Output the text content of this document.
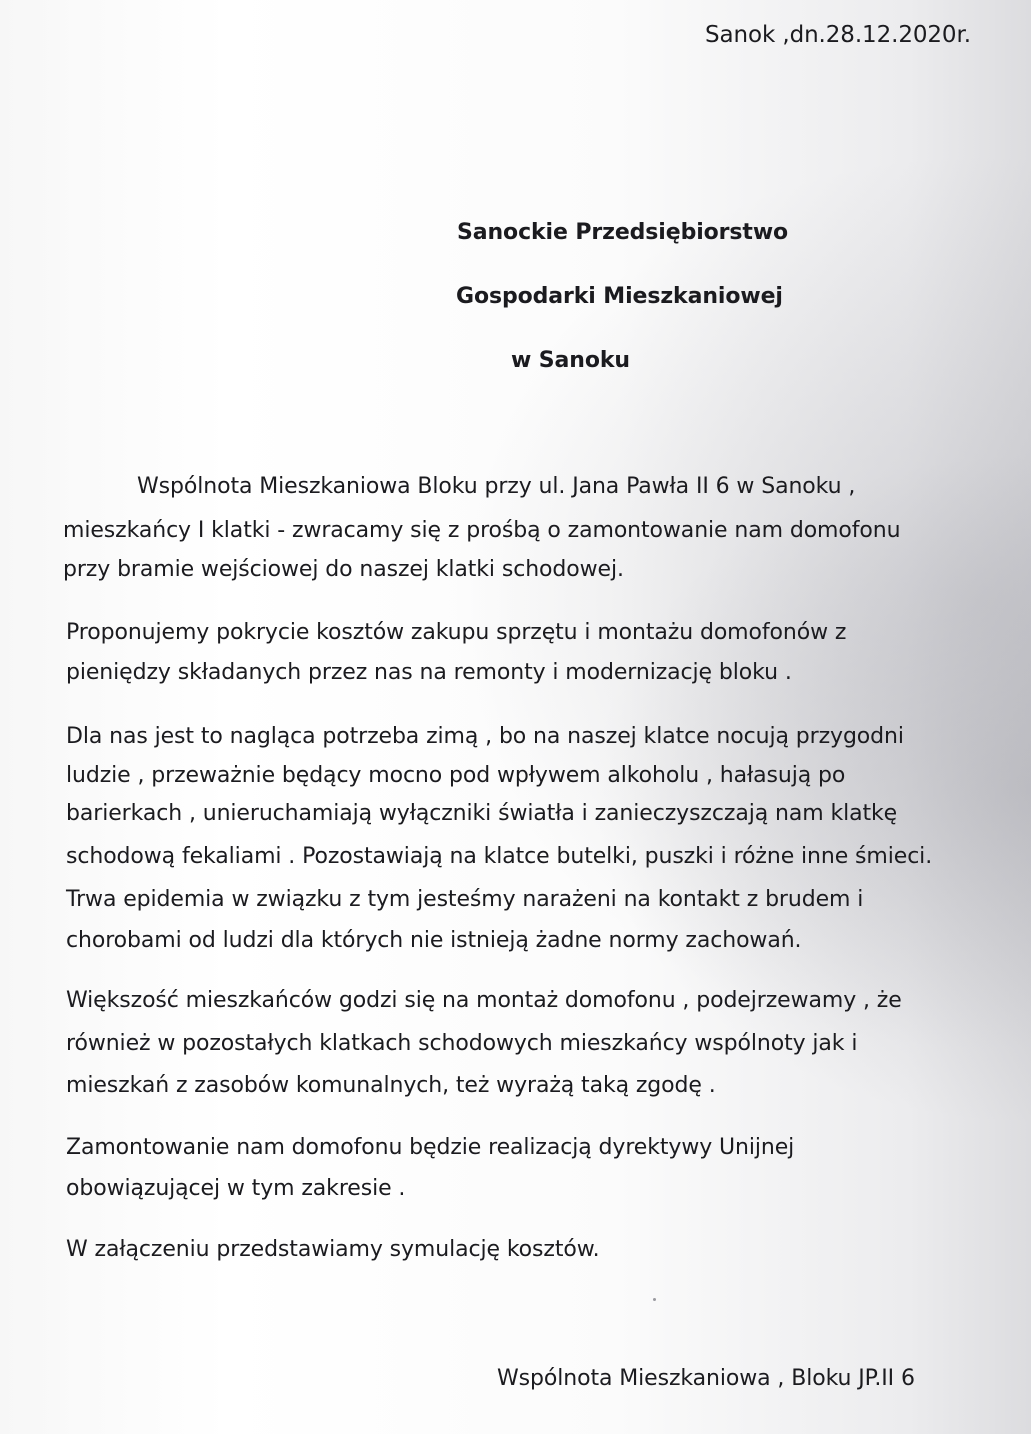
Sanok ,dn.28.12.2020r.
Sanockie Przedsiębiorstwo
Gospodarki Mieszkaniowej
w Sanoku
Wspólnota Mieszkaniowa Bloku przy ul. Jana Pawła II 6 w Sanoku ,
mieszkańcy I klatki - zwracamy się z prośbą o zamontowanie nam domofonu
przy bramie wejściowej do naszej klatki schodowej.
Proponujemy pokrycie kosztów zakupu sprzętu i montażu domofonów z
pieniędzy składanych przez nas na remonty i modernizację bloku .
Dla nas jest to nagląca potrzeba zimą , bo na naszej klatce nocują przygodni
ludzie , przeważnie będący mocno pod wpływem alkoholu , hałasują po
barierkach , unieruchamiają wyłączniki światła i zanieczyszczają nam klatkę
schodową fekaliami . Pozostawiają na klatce butelki, puszki i różne inne śmieci.
Trwa epidemia w związku z tym jesteśmy narażeni na kontakt z brudem i
chorobami od ludzi dla których nie istnieją żadne normy zachowań.
Większość mieszkańców godzi się na montaż domofonu , podejrzewamy , że
również w pozostałych klatkach schodowych mieszkańcy wspólnoty jak i
mieszkań z zasobów komunalnych, też wyrażą taką zgodę .
Zamontowanie nam domofonu będzie realizacją dyrektywy Unijnej
obowiązującej w tym zakresie .
W załączeniu przedstawiamy symulację kosztów.
Wspólnota Mieszkaniowa , Bloku JP.II 6
